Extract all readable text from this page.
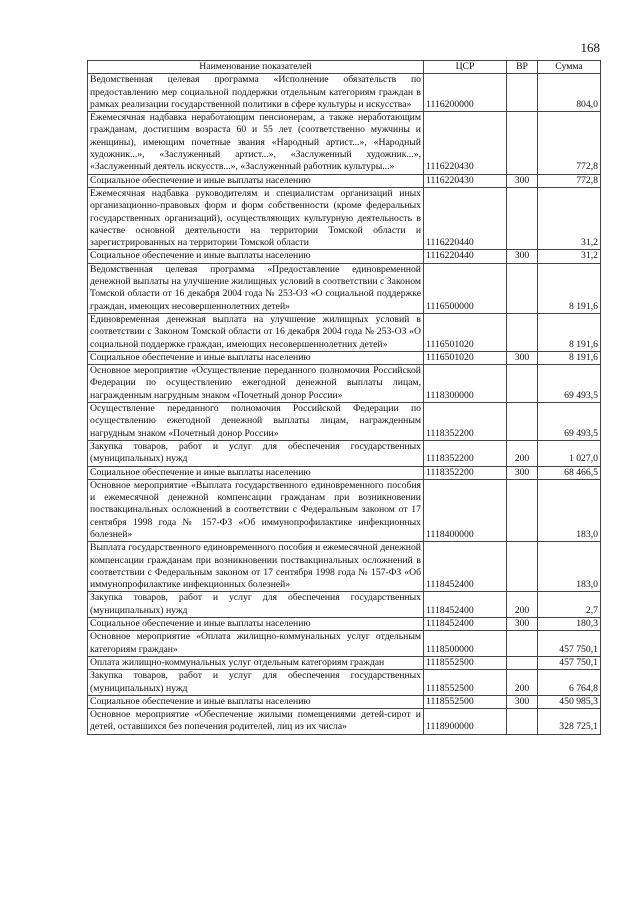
168
Наименование показателей	ЦСР	ВР	Сумма
Ведомственная целевая программа «Исполнение обязательств по предоставлению мер социальной поддержки отдельным категориям граждан в рамках реализации государственной политики в сфере культуры и искусства»	1116200000		804,0
Ежемесячная надбавка неработающим пенсионерам, а также неработающим гражданам, достигшим возраста 60 и 55 лет (соответственно мужчины и женщины), имеющим почетные звания «Народный артист...», «Народный художник...», «Заслуженный артист...», «Заслуженный художник...», «Заслуженный деятель искусств...», «Заслуженный работник культуры...»	1116220430		772,8
Социальное обеспечение и иные выплаты населению	1116220430	300	772,8
Ежемесячная надбавка руководителям и специалистам организаций иных организационно-правовых форм и форм собственности (кроме федеральных государственных организаций), осуществляющих культурную деятельность в качестве основной деятельности на территории Томской области и зарегистрированных на территории Томской области	1116220440		31,2
Социальное обеспечение и иные выплаты населению	1116220440	300	31,2
Ведомственная целевая программа «Предоставление единовременной денежной выплаты на улучшение жилищных условий в соответствии с Законом Томской области от 16 декабря 2004 года № 253-ОЗ «О социальной поддержке граждан, имеющих несовершеннолетних детей»	1116500000		8 191,6
Единовременная денежная выплата на улучшение жилищных условий в соответствии с Законом Томской области от 16 декабря 2004 года № 253-ОЗ «О социальной поддержке граждан, имеющих несовершеннолетних детей»	1116501020		8 191,6
Социальное обеспечение и иные выплаты населению	1116501020	300	8 191,6
Основное мероприятие «Осуществление переданного полномочия Российской Федерации по осуществлению ежегодной денежной выплаты лицам, награжденным нагрудным знаком «Почетный донор России»	1118300000		69 493,5
Осуществление переданного полномочия Российской Федерации по осуществлению ежегодной денежной выплаты лицам, награжденным нагрудным знаком «Почетный донор России»	1118352200		69 493,5
Закупка товаров, работ и услуг для обеспечения государственных (муниципальных) нужд	1118352200	200	1 027,0
Социальное обеспечение и иные выплаты населению	1118352200	300	68 466,5
Основное мероприятие «Выплата государственного единовременного пособия и ежемесячной денежной компенсации гражданам при возникновении поствакцинальных осложнений в соответствии с Федеральным законом от 17 сентября 1998 года № 157-ФЗ «Об иммунопрофилактике инфекционных болезней»	1118400000		183,0
Выплата государственного единовременного пособия и ежемесячной денежной компенсации гражданам при возникновении поствакцинальных осложнений в соответствии с Федеральным законом от 17 сентября 1998 года № 157-ФЗ «Об иммунопрофилактике инфекционных болезней»	1118452400		183,0
Закупка товаров, работ и услуг для обеспечения государственных (муниципальных) нужд	1118452400	200	2,7
Социальное обеспечение и иные выплаты населению	1118452400	300	180,3
Основное мероприятие «Оплата жилищно-коммунальных услуг отдельным категориям граждан»	1118500000		457 750,1
Оплата жилищно-коммунальных услуг отдельным категориям граждан	1118552500		457 750,1
Закупка товаров, работ и услуг для обеспечения государственных (муниципальных) нужд	1118552500	200	6 764,8
Социальное обеспечение и иные выплаты населению	1118552500	300	450 985,3
Основное мероприятие «Обеспечение жилыми помещениями детей-сирот и детей, оставшихся без попечения родителей, лиц из их числа»	1118900000		328 725,1
